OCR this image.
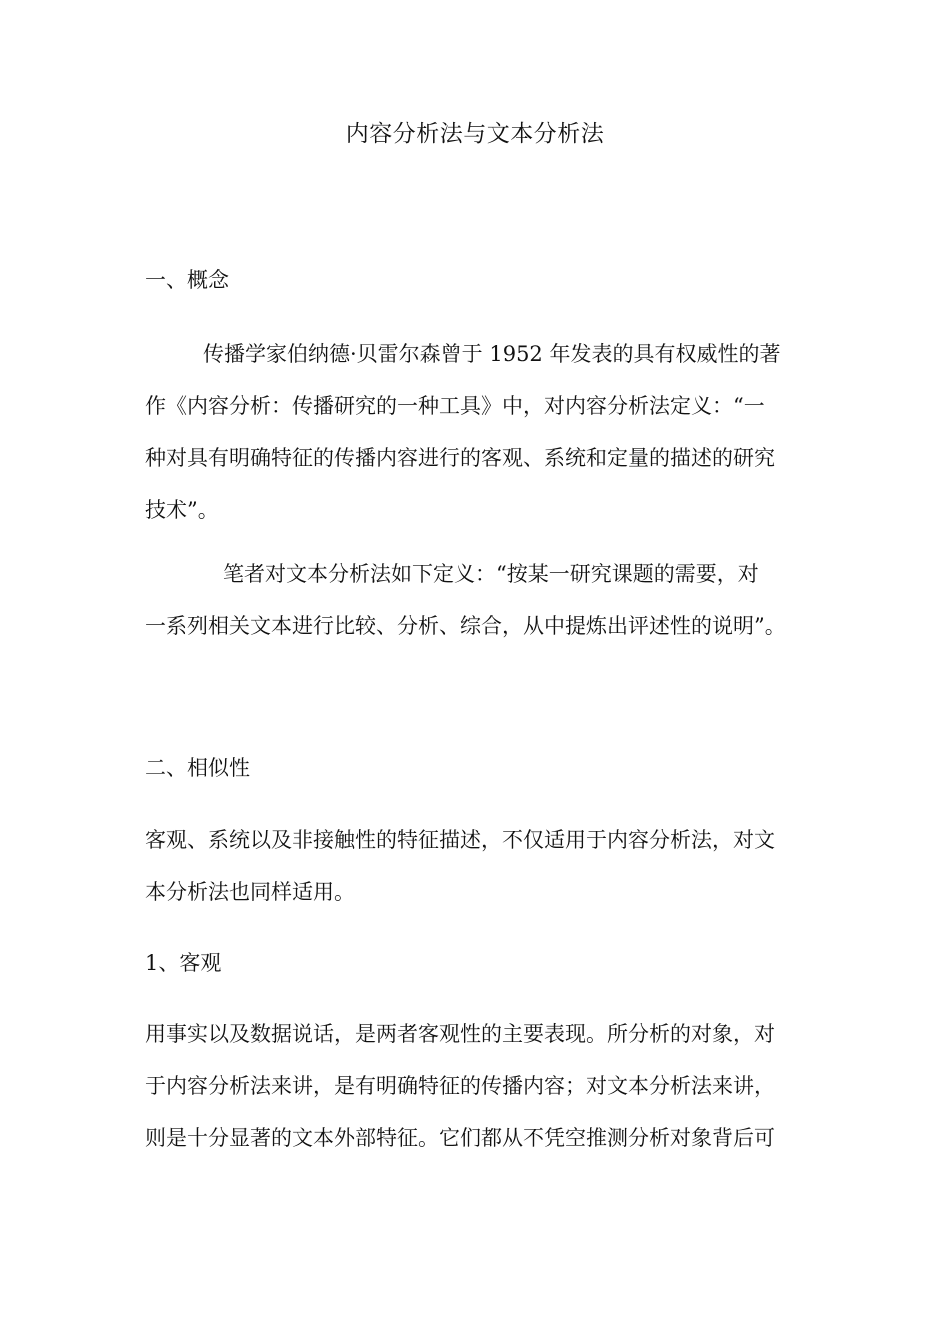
内容分析法与文本分析法
一、概念
传播学家伯纳德·贝雷尔森曾于 1952 年发表的具有权威性的著
作《内容分析：传播研究的一种工具》中，对内容分析法定义：“一
种对具有明确特征的传播内容进行的客观、系统和定量的描述的研究
技术”。
笔者对文本分析法如下定义：“按某一研究课题的需要，对
一系列相关文本进行比较、分析、综合，从中提炼出评述性的说明”。
二、相似性
客观、系统以及非接触性的特征描述，不仅适用于内容分析法，对文
本分析法也同样适用。
1、客观
用事实以及数据说话，是两者客观性的主要表现。所分析的对象，对
于内容分析法来讲，是有明确特征的传播内容；对文本分析法来讲，
则是十分显著的文本外部特征。它们都从不凭空推测分析对象背后可
